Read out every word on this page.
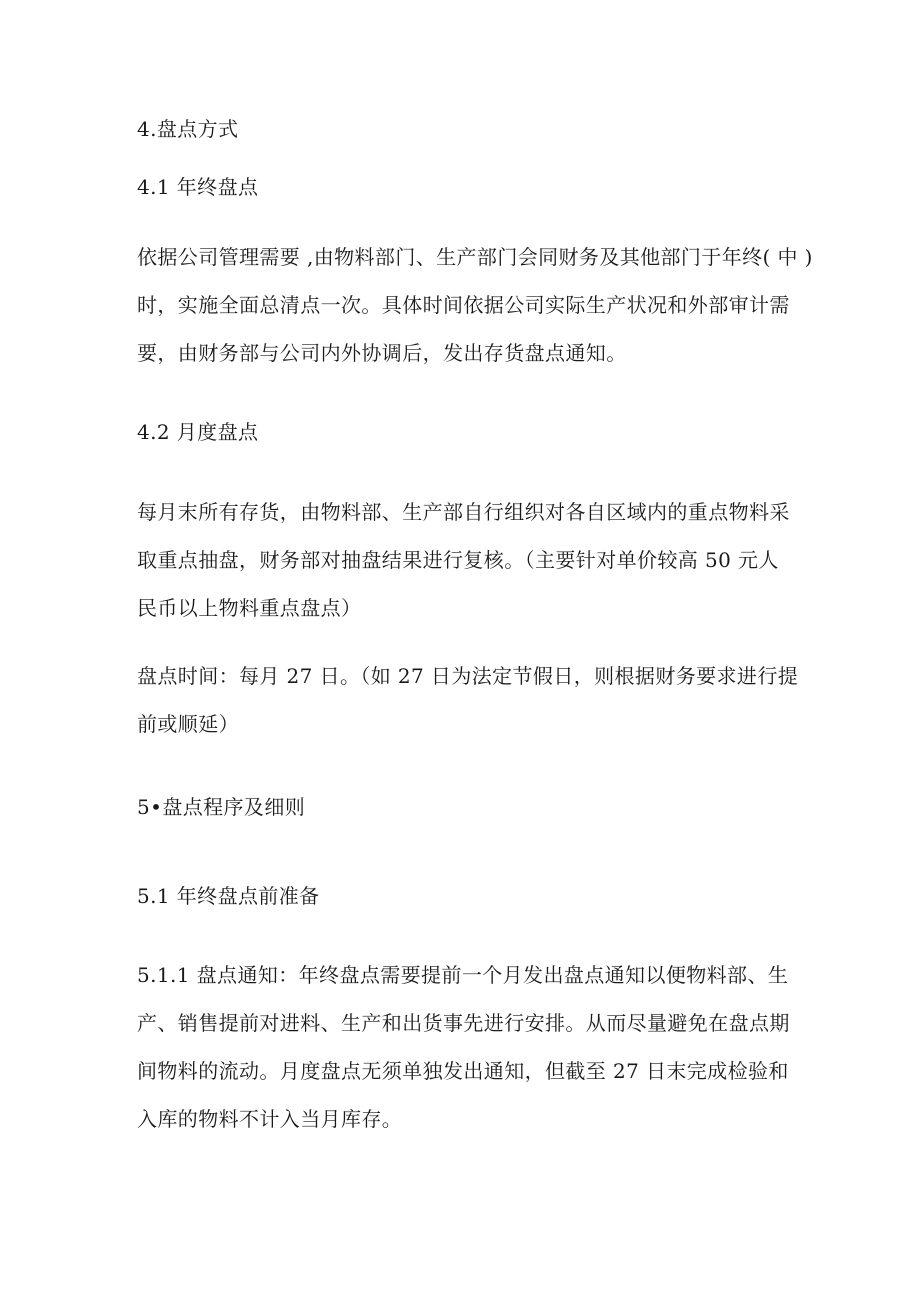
4.盘点方式
4.1 年终盘点
依据公司管理需要 ,由物料部门、生产部门会同财务及其他部门于年终( 中 )
时，实施全面总清点一次。具体时间依据公司实际生产状况和外部审计需
要，由财务部与公司内外协调后，发出存货盘点通知。
4.2 月度盘点
每月末所有存货，由物料部、生产部自行组织对各自区域内的重点物料采
取重点抽盘，财务部对抽盘结果进行复核。（主要针对单价较高 50 元人
民币以上物料重点盘点）
盘点时间：每月 27 日。（如 27 日为法定节假日，则根据财务要求进行提
前或顺延）
5•盘点程序及细则
5.1 年终盘点前准备
5.1.1 盘点通知：年终盘点需要提前一个月发出盘点通知以便物料部、生
产、销售提前对进料、生产和出货事先进行安排。从而尽量避免在盘点期
间物料的流动。月度盘点无须单独发出通知，但截至 27 日末完成检验和
入库的物料不计入当月库存。
